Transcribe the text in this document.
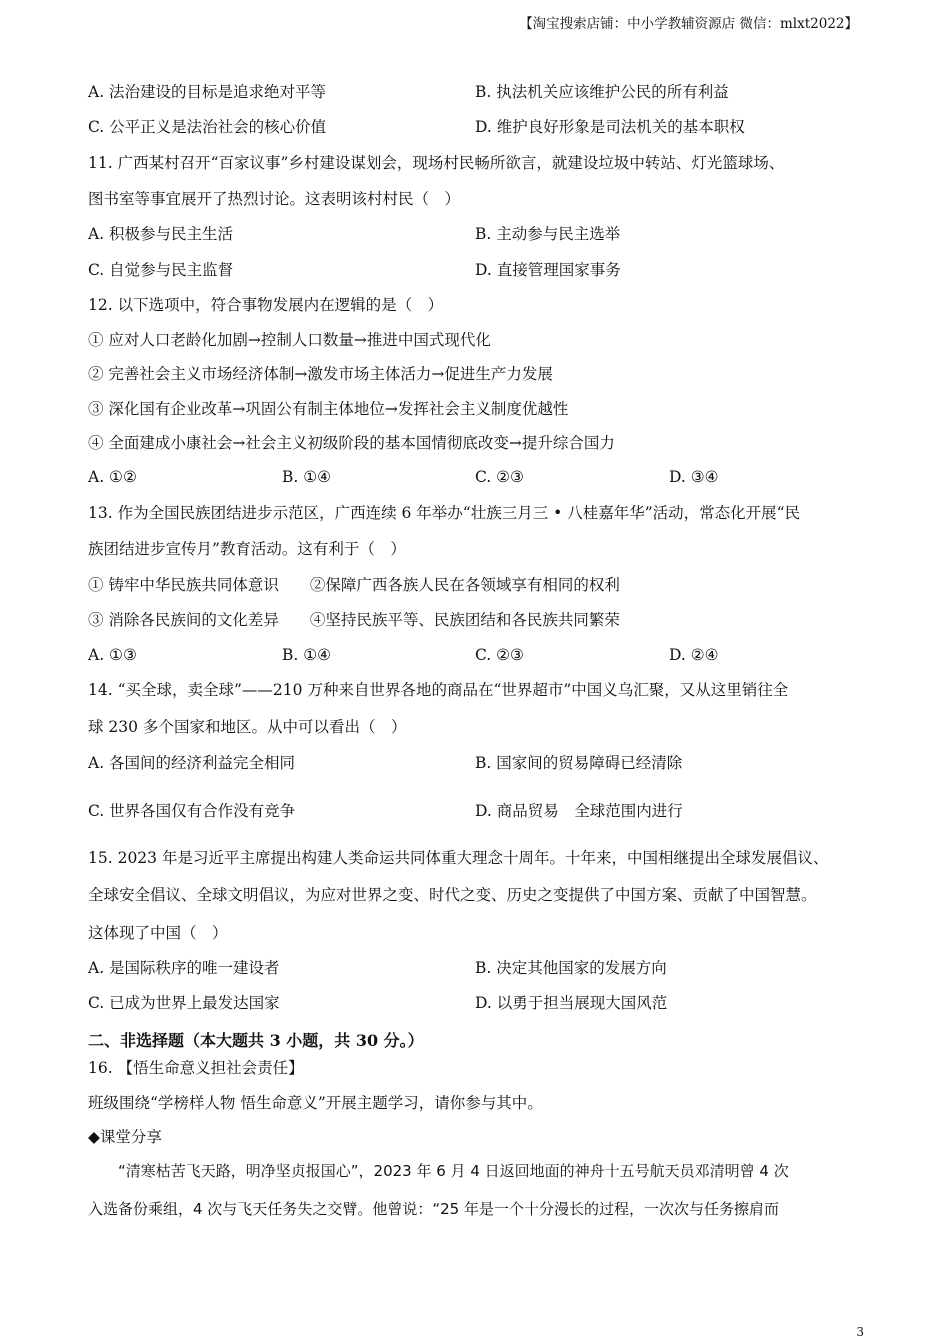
【淘宝搜索店铺：中小学教辅资源店 微信：mlxt2022】
A. 法治建设的目标是追求绝对平等	B. 执法机关应该维护公民的所有利益
C. 公平正义是法治社会的核心价值	D. 维护良好形象是司法机关的基本职权
11. 广西某村召开“百家议事”乡村建设谋划会，现场村民畅所欲言，就建设垃圾中转站、灯光篮球场、
图书室等事宜展开了热烈讨论。这表明该村村民（　）
A. 积极参与民主生活	B. 主动参与民主选举
C. 自觉参与民主监督	D. 直接管理国家事务
12. 以下选项中，符合事物发展内在逻辑的是（　）
① 应对人口老龄化加剧→控制人口数量→推进中国式现代化
② 完善社会主义市场经济体制→激发市场主体活力→促进生产力发展
③ 深化国有企业改革→巩固公有制主体地位→发挥社会主义制度优越性
④ 全面建成小康社会→社会主义初级阶段的基本国情彻底改变→提升综合国力
A. ①②	B. ①④	C. ②③	D. ③④
13. 作为全国民族团结进步示范区，广西连续 6 年举办“壮族三月三 • 八桂嘉年华”活动，常态化开展“民
族团结进步宣传月”教育活动。这有利于（　）
① 铸牢中华民族共同体意识　　②保障广西各族人民在各领域享有相同的权利
③ 消除各民族间的文化差异　　④坚持民族平等、民族团结和各民族共同繁荣
A. ①③	B. ①④	C. ②③	D. ②④
14. “买全球，卖全球”——210 万种来自世界各地的商品在“世界超市”中国义乌汇聚，又从这里销往全
球 230 多个国家和地区。从中可以看出（　）
A. 各国间的经济利益完全相同	B. 国家间的贸易障碍已经清除
C. 世界各国仅有合作没有竞争	D. 商品贸易　全球范围内进行
15. 2023 年是习近平主席提出构建人类命运共同体重大理念十周年。十年来，中国相继提出全球发展倡议、
全球安全倡议、全球文明倡议，为应对世界之变、时代之变、历史之变提供了中国方案、贡献了中国智慧。
这体现了中国（　）
A. 是国际秩序的唯一建设者	B. 决定其他国家的发展方向
C. 已成为世界上最发达国家	D. 以勇于担当展现大国风范
二、非选择题（本大题共 3 小题，共 30 分。）
16. 【悟生命意义担社会责任】
班级围绕“学榜样人物 悟生命意义”开展主题学习，请你参与其中。
◆课堂分享
“清寒枯苦飞天路，明净坚贞报国心”，2023 年 6 月 4 日返回地面的神舟十五号航天员邓清明曾 4 次
入选备份乘组，4 次与飞天任务失之交臂。他曾说：“25 年是一个十分漫长的过程，一次次与任务擦肩而
3
